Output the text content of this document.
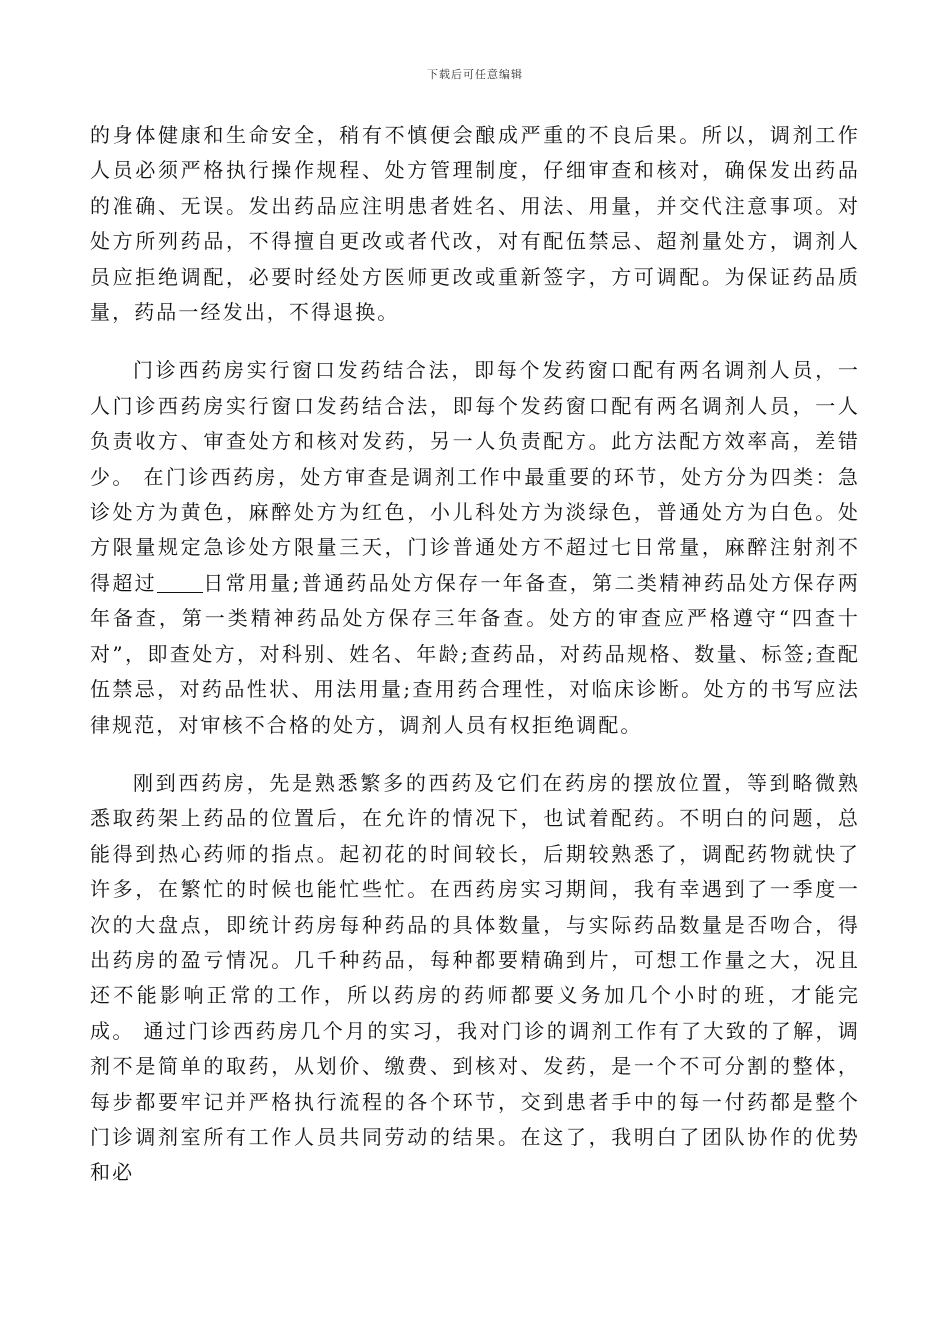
下载后可任意编辑

的身体健康和生命安全，稍有不慎便会酿成严重的不良后果。所以，调剂工作人员必须严格执行操作规程、处方管理制度，仔细审查和核对，确保发出药品的准确、无误。发出药品应注明患者姓名、用法、用量，并交代注意事项。对处方所列药品，不得擅自更改或者代改，对有配伍禁忌、超剂量处方，调剂人员应拒绝调配，必要时经处方医师更改或重新签字，方可调配。为保证药品质量，药品一经发出，不得退换。

门诊西药房实行窗口发药结合法，即每个发药窗口配有两名调剂人员，一人门诊西药房实行窗口发药结合法，即每个发药窗口配有两名调剂人员，一人负责收方、审查处方和核对发药，另一人负责配方。此方法配方效率高，差错少。 在门诊西药房，处方审查是调剂工作中最重要的环节，处方分为四类：急诊处方为黄色，麻醉处方为红色，小儿科处方为淡绿色，普通处方为白色。处方限量规定急诊处方限量三天，门诊普通处方不超过七日常量，麻醉注射剂不得超过 日常用量;普通药品处方保存一年备查，第二类精神药品处方保存两年备查，第一类精神药品处方保存三年备查。处方的审查应严格遵守“四查十对”，即查处方，对科别、姓名、年龄;查药品，对药品规格、数量、标签;查配伍禁忌，对药品性状、用法用量;查用药合理性，对临床诊断。处方的书写应法律规范，对审核不合格的处方，调剂人员有权拒绝调配。

刚到西药房，先是熟悉繁多的西药及它们在药房的摆放位置，等到略微熟悉取药架上药品的位置后，在允许的情况下，也试着配药。不明白的问题，总能得到热心药师的指点。起初花的时间较长，后期较熟悉了，调配药物就快了许多，在繁忙的时候也能忙些忙。在西药房实习期间，我有幸遇到了一季度一次的大盘点，即统计药房每种药品的具体数量，与实际药品数量是否吻合，得出药房的盈亏情况。几千种药品，每种都要精确到片，可想工作量之大，况且还不能影响正常的工作，所以药房的药师都要义务加几个小时的班，才能完成。 通过门诊西药房几个月的实习，我对门诊的调剂工作有了大致的了解，调剂不是简单的取药，从划价、缴费、到核对、发药，是一个不可分割的整体，每步都要牢记并严格执行流程的各个环节，交到患者手中的每一付药都是整个门诊调剂室所有工作人员共同劳动的结果。在这了，我明白了团队协作的优势和必
